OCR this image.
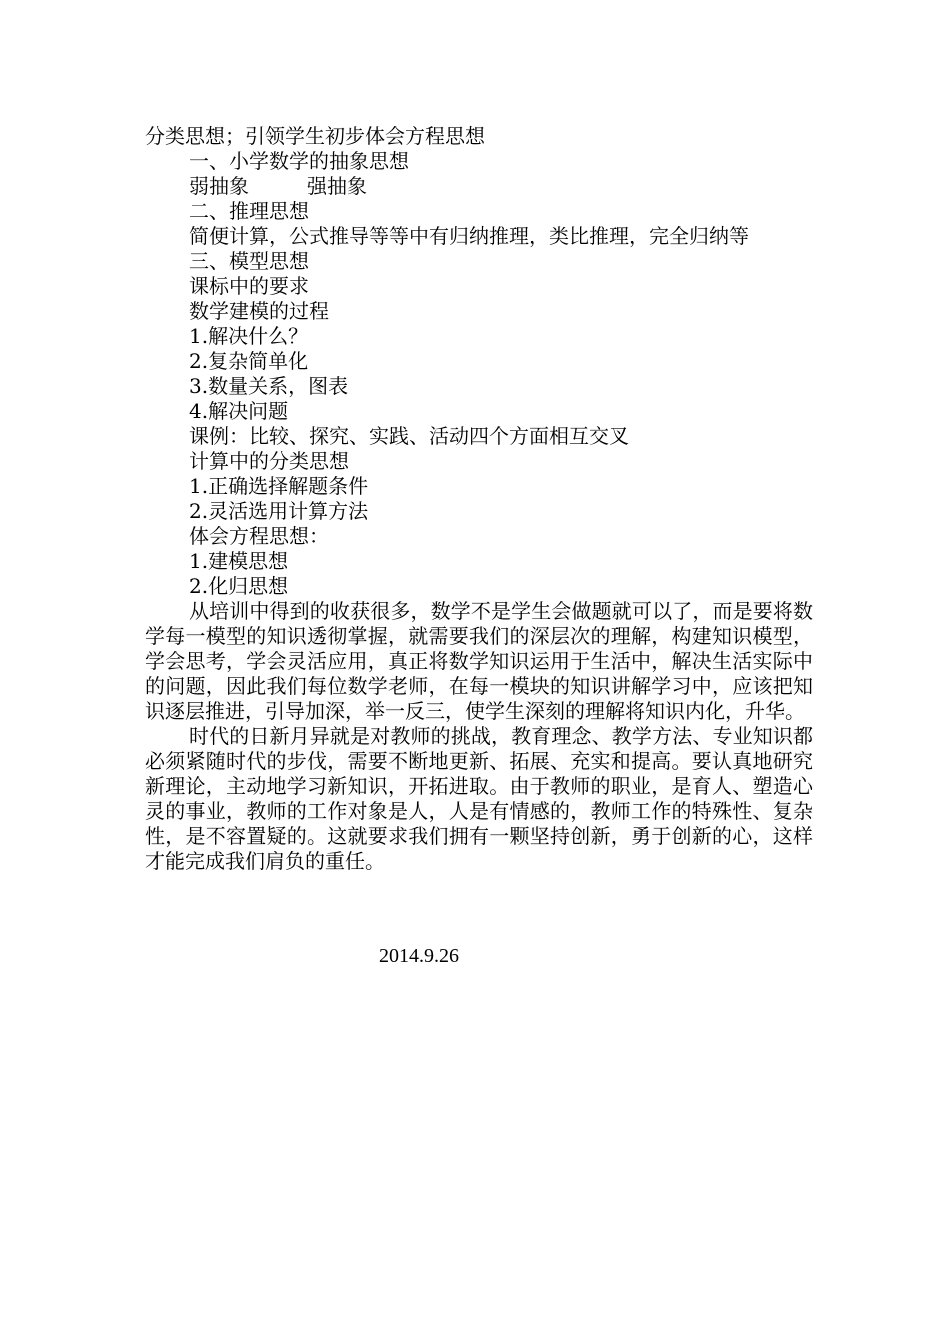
分类思想；引领学生初步体会方程思想
一、小学数学的抽象思想
弱抽象	强抽象
二、推理思想
简便计算，公式推导等等中有归纳推理，类比推理，完全归纳等
三、模型思想
课标中的要求
数学建模的过程
1.解决什么？
2.复杂简单化
3.数量关系，图表
4.解决问题
课例：比较、探究、实践、活动四个方面相互交叉
计算中的分类思想
1.正确选择解题条件
2.灵活选用计算方法
体会方程思想：
1.建模思想
2.化归思想

从培训中得到的收获很多，数学不是学生会做题就可以了，而是要将数学每一模型的知识透彻掌握，就需要我们的深层次的理解，构建知识模型，学会思考，学会灵活应用，真正将数学知识运用于生活中，解决生活实际中的问题，因此我们每位数学老师，在每一模块的知识讲解学习中，应该把知识逐层推进，引导加深，举一反三，使学生深刻的理解将知识内化，升华。

时代的日新月异就是对教师的挑战，教育理念、教学方法、专业知识都必须紧随时代的步伐，需要不断地更新、拓展、充实和提高。要认真地研究新理论，主动地学习新知识，开拓进取。由于教师的职业，是育人、塑造心灵的事业，教师的工作对象是人，人是有情感的，教师工作的特殊性、复杂性，是不容置疑的。这就要求我们拥有一颗坚持创新，勇于创新的心，这样才能完成我们肩负的重任。

2014.9.26
